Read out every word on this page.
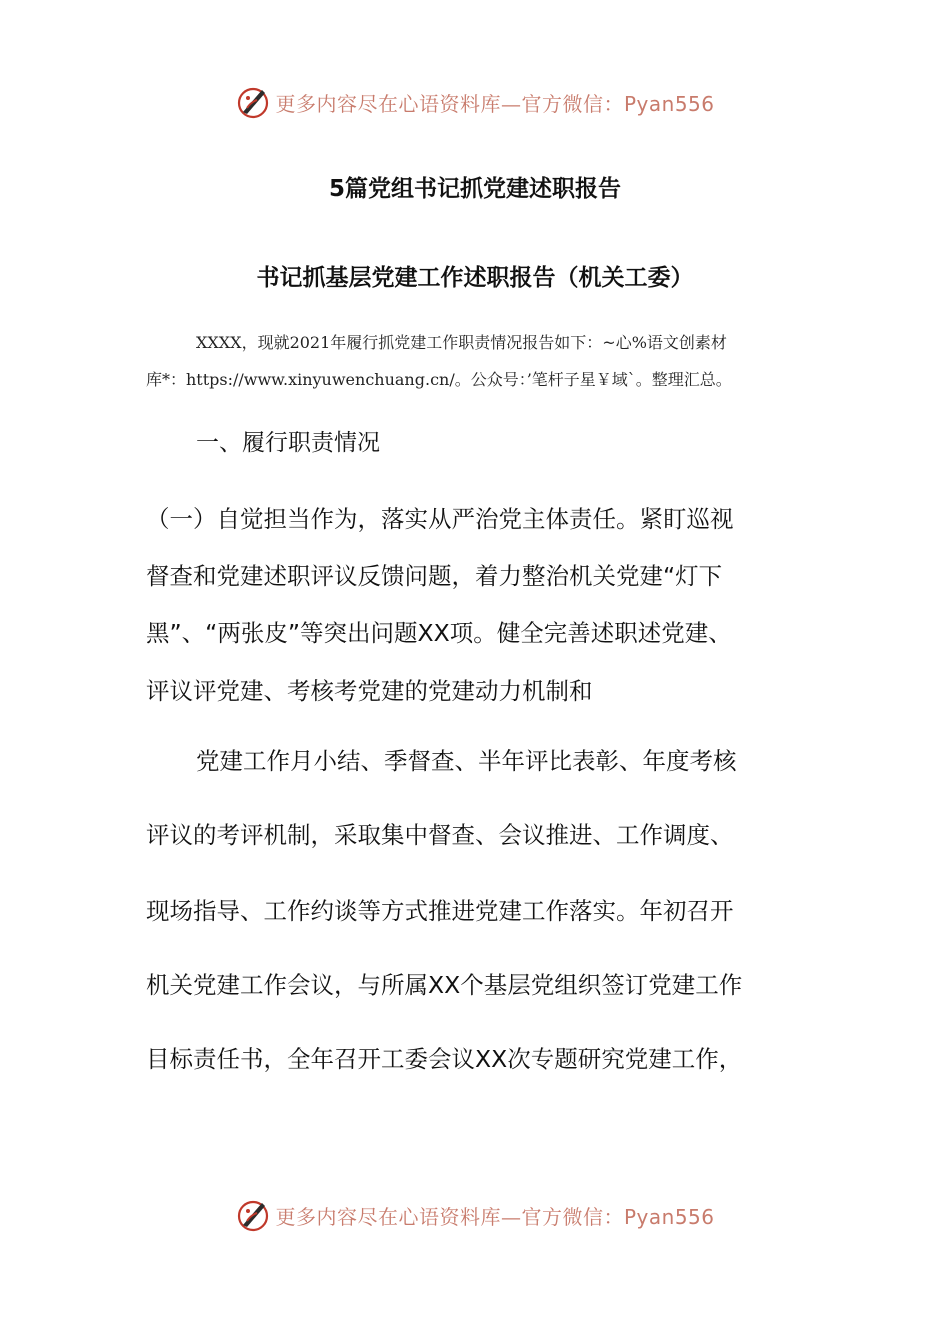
更多内容尽在心语资料库—官方微信：Pyan556
5篇党组书记抓党建述职报告
书记抓基层党建工作述职报告（机关工委）
XXXX，现就2021年履行抓党建工作职责情况报告如下：~心%语文创素材
库*：https://www.xinyuwenchuang.cn/。公众号：’笔杆子星￥域`。整理汇总。
一、履行职责情况
（一）自觉担当作为，落实从严治党主体责任。紧盯巡视
督查和党建述职评议反馈问题，着力整治机关党建“灯下
黑”、“两张皮”等突出问题XX项。健全完善述职述党建、
评议评党建、考核考党建的党建动力机制和
党建工作月小结、季督查、半年评比表彰、年度考核
评议的考评机制，采取集中督查、会议推进、工作调度、
现场指导、工作约谈等方式推进党建工作落实。年初召开
机关党建工作会议，与所属XX个基层党组织签订党建工作
目标责任书，全年召开工委会议XX次专题研究党建工作，
更多内容尽在心语资料库—官方微信：Pyan556
